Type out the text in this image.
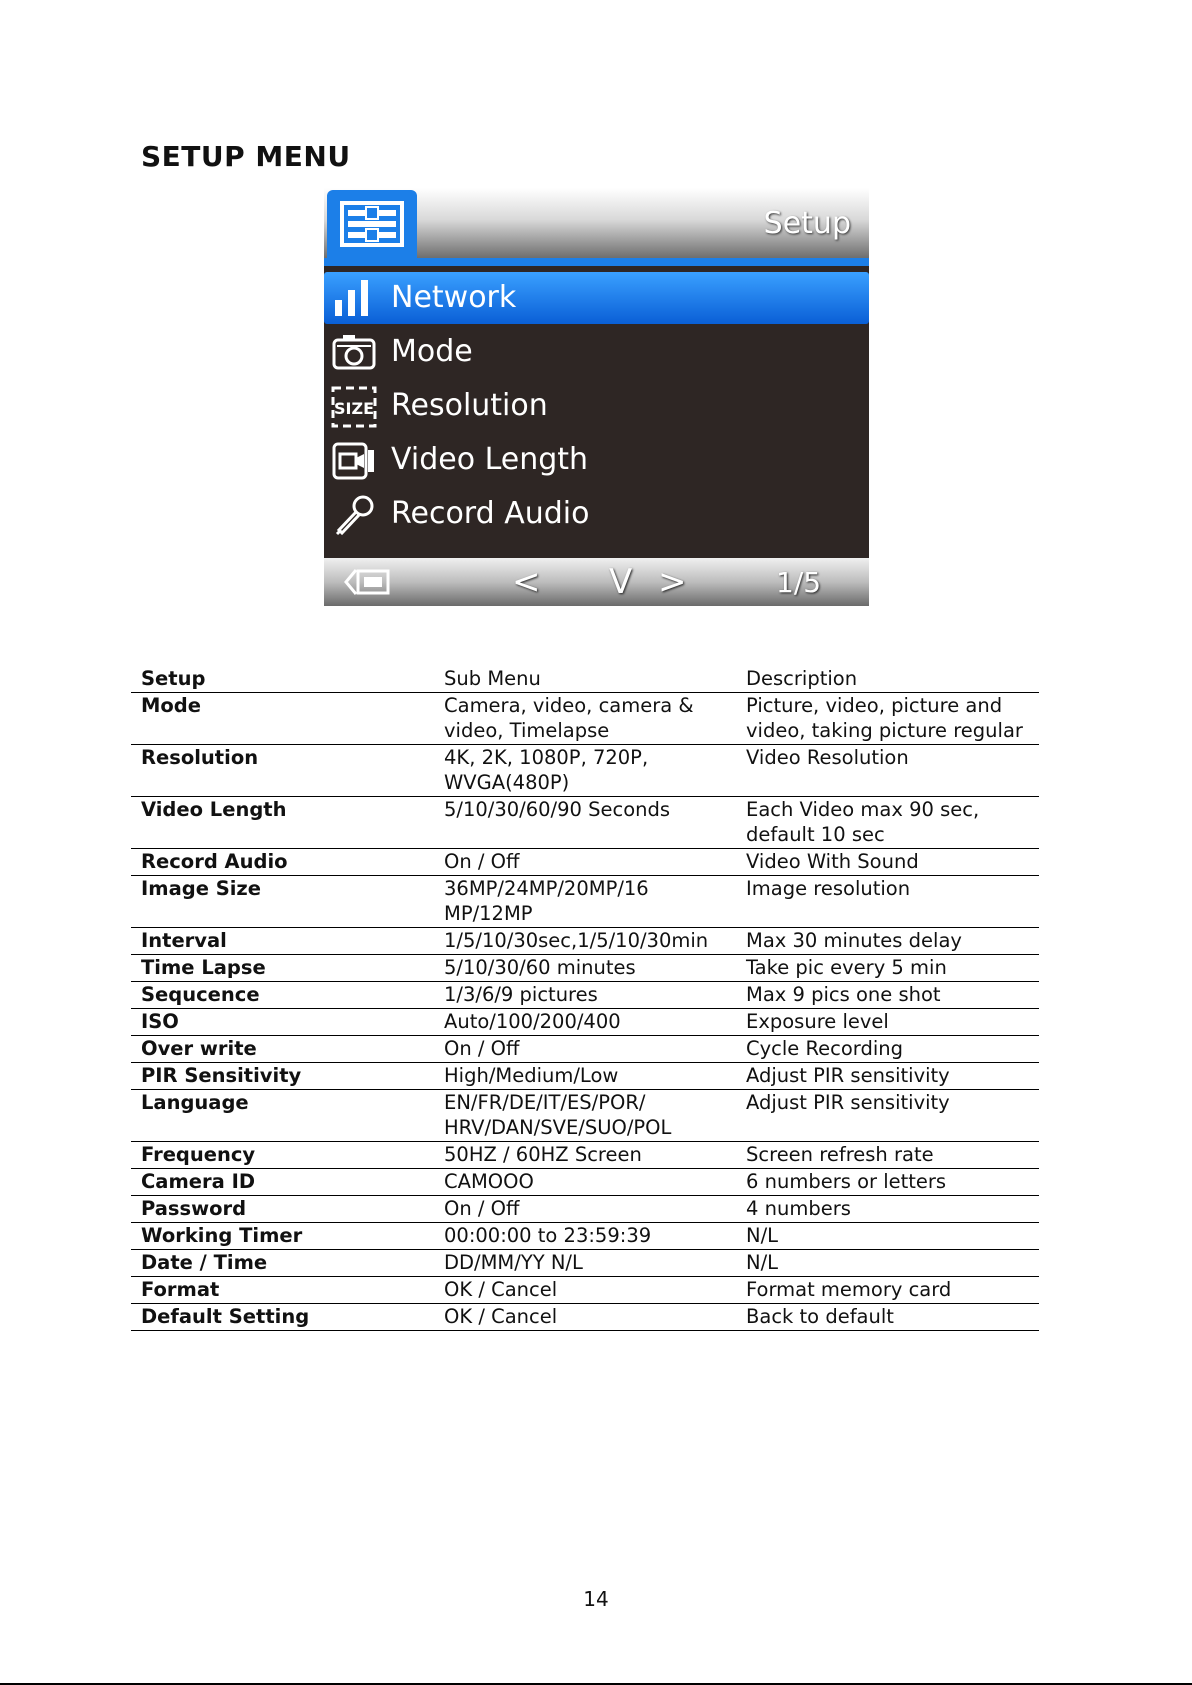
SETUP MENU
Setup
Network
Mode
SIZE Resolution
Video Length
Record Audio
< V >	1/5
Setup	Sub Menu	Description
Mode	Camera, video, camera & video, Timelapse	Picture, video, picture and video, taking picture regular
Resolution	4K, 2K, 1080P, 720P, WVGA(480P)	Video Resolution
Video Length	5/10/30/60/90 Seconds	Each Video max 90 sec, default 10 sec
Record Audio	On / Off	Video With Sound
Image Size	36MP/24MP/20MP/16 MP/12MP	Image resolution
Interval	1/5/10/30sec,1/5/10/30min	Max 30 minutes delay
Time Lapse	5/10/30/60 minutes	Take pic every 5 min
Sequcence	1/3/6/9 pictures	Max 9 pics one shot
ISO	Auto/100/200/400	Exposure level
Over write	On / Off	Cycle Recording
PIR Sensitivity	High/Medium/Low	Adjust PIR sensitivity
Language	EN/FR/DE/IT/ES/POR/ HRV/DAN/SVE/SUO/POL	Adjust PIR sensitivity
Frequency	50HZ / 60HZ Screen	Screen refresh rate
Camera ID	CAMOOO	6 numbers or letters
Password	On / Off	4 numbers
Working Timer	00:00:00 to 23:59:39	N/L
Date / Time	DD/MM/YY N/L	N/L
Format	OK / Cancel	Format memory card
Default Setting	OK / Cancel	Back to default
14
